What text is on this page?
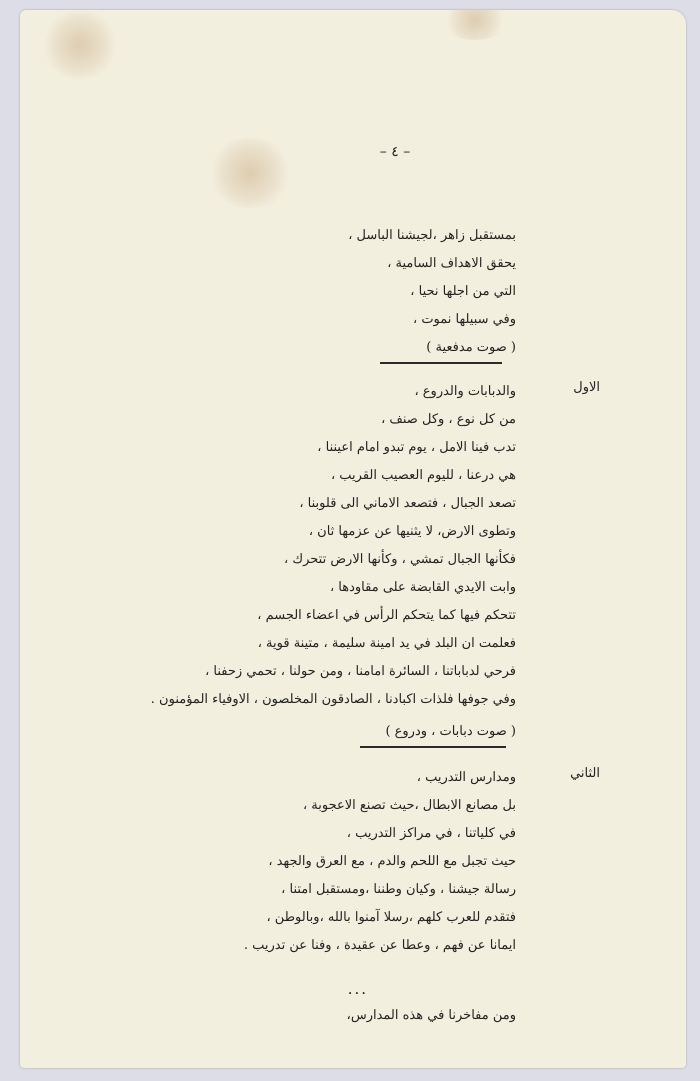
– ٤ –
بمستقبل زاهر ،لجيشنا الباسل ،
يحقق الاهداف السامية ،
التي من اجلها نحيا ،
وفي سبيلها نموت ،
( صوت مدفعية )
الاول
والدبابات والدروع ،
من كل نوع ، وكل صنف ،
تدب فينا الامل ، يوم تبدو امام اعيننا ،
هي درعنا ، لليوم العصيب القريب ،
تصعد الجبال ، فتصعد الاماني الى قلوبنا ،
وتطوى الارض، لا يثنيها عن عزمها ثان ،
فكأنها الجبال تمشي ، وكأنها الارض تتحرك ،
وابت الايدي القابضة على مقاودها ،
تتحكم فيها كما يتحكم الرأس في اعضاء الجسم ،
فعلمت ان البلد في يد امينة سليمة ، متينة قوية ،
فرحي لدباباتنا ، السائرة امامنا ، ومن حولنا ، تحمي زحفنا ،
وفي جوفها فلذات اكبادنا ، الصادقون المخلصون ، الاوفياء المؤمنون .
( صوت دبابات ، ودروع )
الثاني
ومدارس التدريب ،
بل مصانع الابطال ،حيث تصنع الاعجوبة ،
في كلياتنا ، في مراكز التدريب ،
حيث تجبل مع اللحم والدم ، مع العرق والجهد ،
رسالة جيشنا ، وكيان وطننا ،ومستقبل امتنا ،
فتقدم للعرب كلهم ،رسلا آمنوا بالله ،وبالوطن ،
ايمانا عن فهم ، وعطا عن عقيدة ، وفنا عن تدريب .
...
ومن مفاخرنا في هذه المدارس،
